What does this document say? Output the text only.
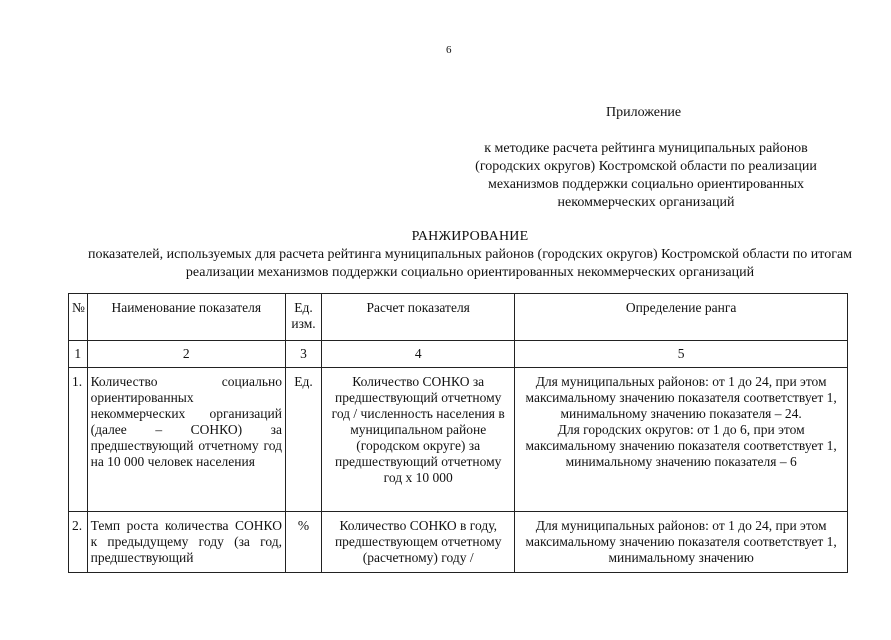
6
Приложение
к методике расчета рейтинга муниципальных районов (городских округов) Костромской области по реализации механизмов поддержки социально ориентированных некоммерческих организаций
РАНЖИРОВАНИЕ
показателей, используемых для расчета рейтинга муниципальных районов (городских округов) Костромской области по итогам реализации механизмов поддержки социально ориентированных некоммерческих организаций
№	Наименование показателя	Ед. изм.	Расчет показателя	Определение ранга
1	2	3	4	5
1.	Количество социально ориентированных некоммерческих организаций (далее – СОНКО) за предшествующий отчетному год на 10 000 человек населения	Ед.	Количество СОНКО за предшествующий отчетному год / численность населения в муниципальном районе (городском округе) за предшествующий отчетному год х 10 000	Для муниципальных районов: от 1 до 24, при этом максимальному значению показателя соответствует 1, минимальному значению показателя – 24.
Для городских округов: от 1 до 6, при этом максимальному значению показателя соответствует 1, минимальному значению показателя – 6

2.	Темп роста количества СОНКО к предыдущему году (за год, предшествующий	%	Количество СОНКО в году, предшествующем отчетному (расчетному) году /	Для муниципальных районов: от 1 до 24, при этом максимальному значению показателя соответствует 1, минимальному значению
